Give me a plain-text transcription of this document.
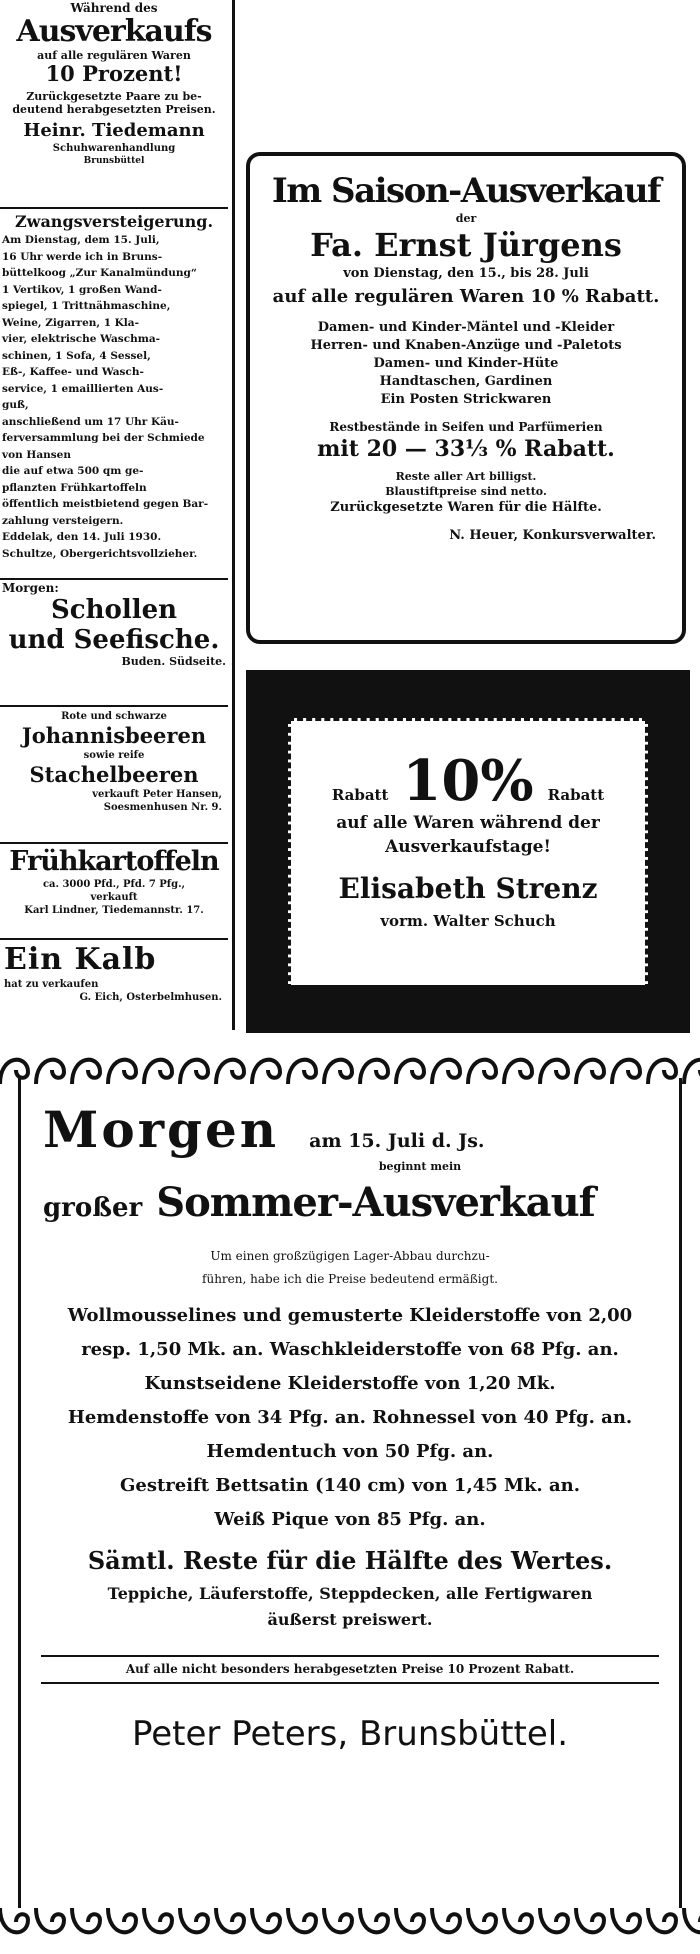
Während des
Ausverkaufs
auf alle regulären Waren
10 Prozent!
Zurückgesetzte Paare zu be-
deutend herabgesetzten Preisen.
Heinr. Tiedemann
Schuhwarenhandlung
Brunsbüttel
Zwangsversteigerung.
Am Dienstag, dem 15. Juli,
16 Uhr werde ich in Bruns-
büttelkoog „Zur Kanalmündung“
1 Vertikov, 1 großen Wand-
spiegel, 1 Trittnähmaschine,
Weine, Zigarren, 1 Kla-
vier, elektrische Waschma-
schinen, 1 Sofa, 4 Sessel,
Eß-, Kaffee- und Wasch-
service, 1 emaillierten Aus-
guß,
anschließend um 17 Uhr Käu-
ferversammlung bei der Schmiede
von Hansen
die auf etwa 500 qm ge-
pflanzten Frühkartoffeln
öffentlich meistbietend gegen Bar-
zahlung versteigern.
Eddelak, den 14. Juli 1930.
Schultze, Obergerichtsvollzieher.
Morgen:
Schollen
und Seefische.
Buden. Südseite.
Rote und schwarze
Johannisbeeren
sowie reife
Stachelbeeren
verkauft Peter Hansen,
Soesmenhusen Nr. 9.
Frühkartoffeln
ca. 3000 Pfd., Pfd. 7 Pfg.,
verkauft
Karl Lindner, Tiedemannstr. 17.
Ein Kalb
hat zu verkaufen
G. Eich, Osterbelmhusen.
Im Saison-Ausverkauf
der
Fa. Ernst Jürgens
von Dienstag, den 15., bis 28. Juli
auf alle regulären Waren 10 % Rabatt.
Damen- und Kinder-Mäntel und -Kleider
Herren- und Knaben-Anzüge und -Paletots
Damen- und Kinder-Hüte
Handtaschen, Gardinen
Ein Posten Strickwaren
Restbestände in Seifen und Parfümerien
mit 20 — 33⅓ % Rabatt.
Reste aller Art billigst.
Blaustiftpreise sind netto.
Zurückgesetzte Waren für die Hälfte.
N. Heuer, Konkursverwalter.
Rabatt 10% Rabatt
auf alle Waren während der
Ausverkaufstage!
Elisabeth Strenz
vorm. Walter Schuch
Morgen am 15. Juli d. Js.
beginnt mein
großer Sommer-Ausverkauf
Um einen großzügigen Lager-Abbau durchzu-
führen, habe ich die Preise bedeutend ermäßigt.
Wollmousselines und gemusterte Kleiderstoffe von 2,00
resp. 1,50 Mk. an. Waschkleiderstoffe von 68 Pfg. an.
Kunstseidene Kleiderstoffe von 1,20 Mk.
Hemdenstoffe von 34 Pfg. an. Rohnessel von 40 Pfg. an.
Hemdentuch von 50 Pfg. an.
Gestreift Bettsatin (140 cm) von 1,45 Mk. an.
Weiß Pique von 85 Pfg. an.
Sämtl. Reste für die Hälfte des Wertes.
Teppiche, Läuferstoffe, Steppdecken, alle Fertigwaren
äußerst preiswert.
Auf alle nicht besonders herabgesetzten Preise 10 Prozent Rabatt.
Peter Peters, Brunsbüttel.
